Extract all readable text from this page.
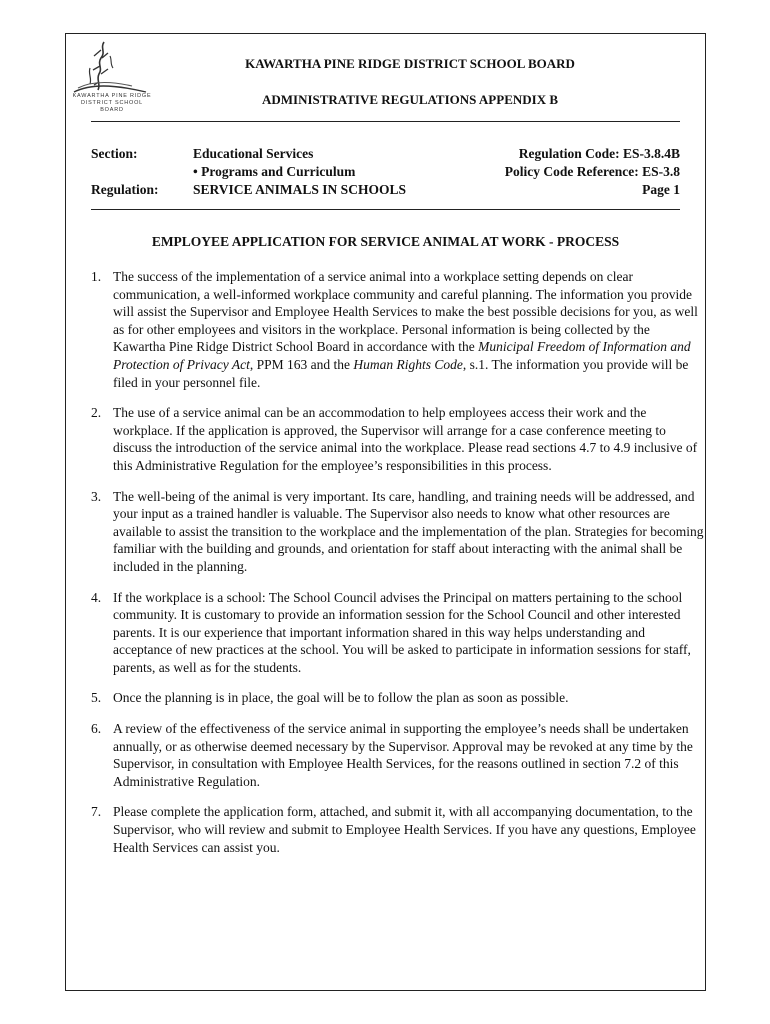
KAWARTHA PINE RIDGE
DISTRICT SCHOOL BOARD
KAWARTHA PINE RIDGE DISTRICT SCHOOL BOARD
ADMINISTRATIVE REGULATIONS APPENDIX B
Section:
Regulation:
Educational Services
• Programs and Curriculum
SERVICE ANIMALS IN SCHOOLS
Regulation Code: ES-3.8.4B
Policy Code Reference: ES-3.8
Page 1
EMPLOYEE APPLICATION FOR SERVICE ANIMAL AT WORK - PROCESS
1. The success of the implementation of a service animal into a workplace setting depends on clear communication, a well-informed workplace community and careful planning. The information you provide will assist the Supervisor and Employee Health Services to make the best possible decisions for you, as well as for other employees and visitors in the workplace. Personal information is being collected by the Kawartha Pine Ridge District School Board in accordance with the Municipal Freedom of Information and Protection of Privacy Act, PPM 163 and the Human Rights Code, s.1. The information you provide will be filed in your personnel file.
2. The use of a service animal can be an accommodation to help employees access their work and the workplace. If the application is approved, the Supervisor will arrange for a case conference meeting to discuss the introduction of the service animal into the workplace. Please read sections 4.7 to 4.9 inclusive of this Administrative Regulation for the employee’s responsibilities in this process.
3. The well-being of the animal is very important. Its care, handling, and training needs will be addressed, and your input as a trained handler is valuable. The Supervisor also needs to know what other resources are available to assist the transition to the workplace and the implementation of the plan. Strategies for becoming familiar with the building and grounds, and orientation for staff about interacting with the animal shall be included in the planning.
4. If the workplace is a school: The School Council advises the Principal on matters pertaining to the school community. It is customary to provide an information session for the School Council and other interested parents. It is our experience that important information shared in this way helps understanding and acceptance of new practices at the school. You will be asked to participate in information sessions for staff, parents, as well as for the students.
5. Once the planning is in place, the goal will be to follow the plan as soon as possible.
6. A review of the effectiveness of the service animal in supporting the employee’s needs shall be undertaken annually, or as otherwise deemed necessary by the Supervisor. Approval may be revoked at any time by the Supervisor, in consultation with Employee Health Services, for the reasons outlined in section 7.2 of this Administrative Regulation.
7. Please complete the application form, attached, and submit it, with all accompanying documentation, to the Supervisor, who will review and submit to Employee Health Services. If you have any questions, Employee Health Services can assist you.
